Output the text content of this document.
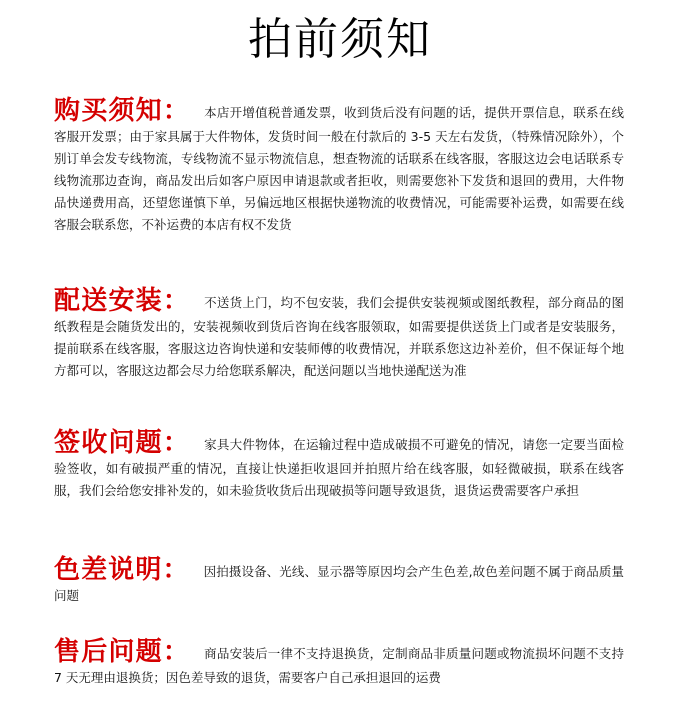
拍前须知
购买须知： 本店开增值税普通发票，收到货后没有问题的话，提供开票信息，联系在线客服开发票；由于家具属于大件物体，发货时间一般在付款后的 3-5 天左右发货，（特殊情况除外），个别订单会发专线物流，专线物流不显示物流信息，想查物流的话联系在线客服，客服这边会电话联系专线物流那边查询，商品发出后如客户原因申请退款或者拒收，则需要您补下发货和退回的费用，大件物品快递费用高，还望您谨慎下单，另偏远地区根据快递物流的收费情况，可能需要补运费，如需要在线客服会联系您，不补运费的本店有权不发货
配送安装： 不送货上门，均不包安装，我们会提供安装视频或图纸教程，部分商品的图纸教程是会随货发出的，安装视频收到货后咨询在线客服领取，如需要提供送货上门或者是安装服务，提前联系在线客服，客服这边咨询快递和安装师傅的收费情况，并联系您这边补差价，但不保证每个地方都可以，客服这边都会尽力给您联系解决，配送问题以当地快递配送为准
签收问题： 家具大件物体，在运输过程中造成破损不可避免的情况，请您一定要当面检验签收，如有破损严重的情况，直接让快递拒收退回并拍照片给在线客服，如轻微破损，联系在线客服，我们会给您安排补发的，如未验货收货后出现破损等问题导致退货，退货运费需要客户承担
色差说明： 因拍摄设备、光线、显示器等原因均会产生色差,故色差问题不属于商品质量问题
售后问题： 商品安装后一律不支持退换货，定制商品非质量问题或物流损坏问题不支持 7 天无理由退换货；因色差导致的退货，需要客户自己承担退回的运费
